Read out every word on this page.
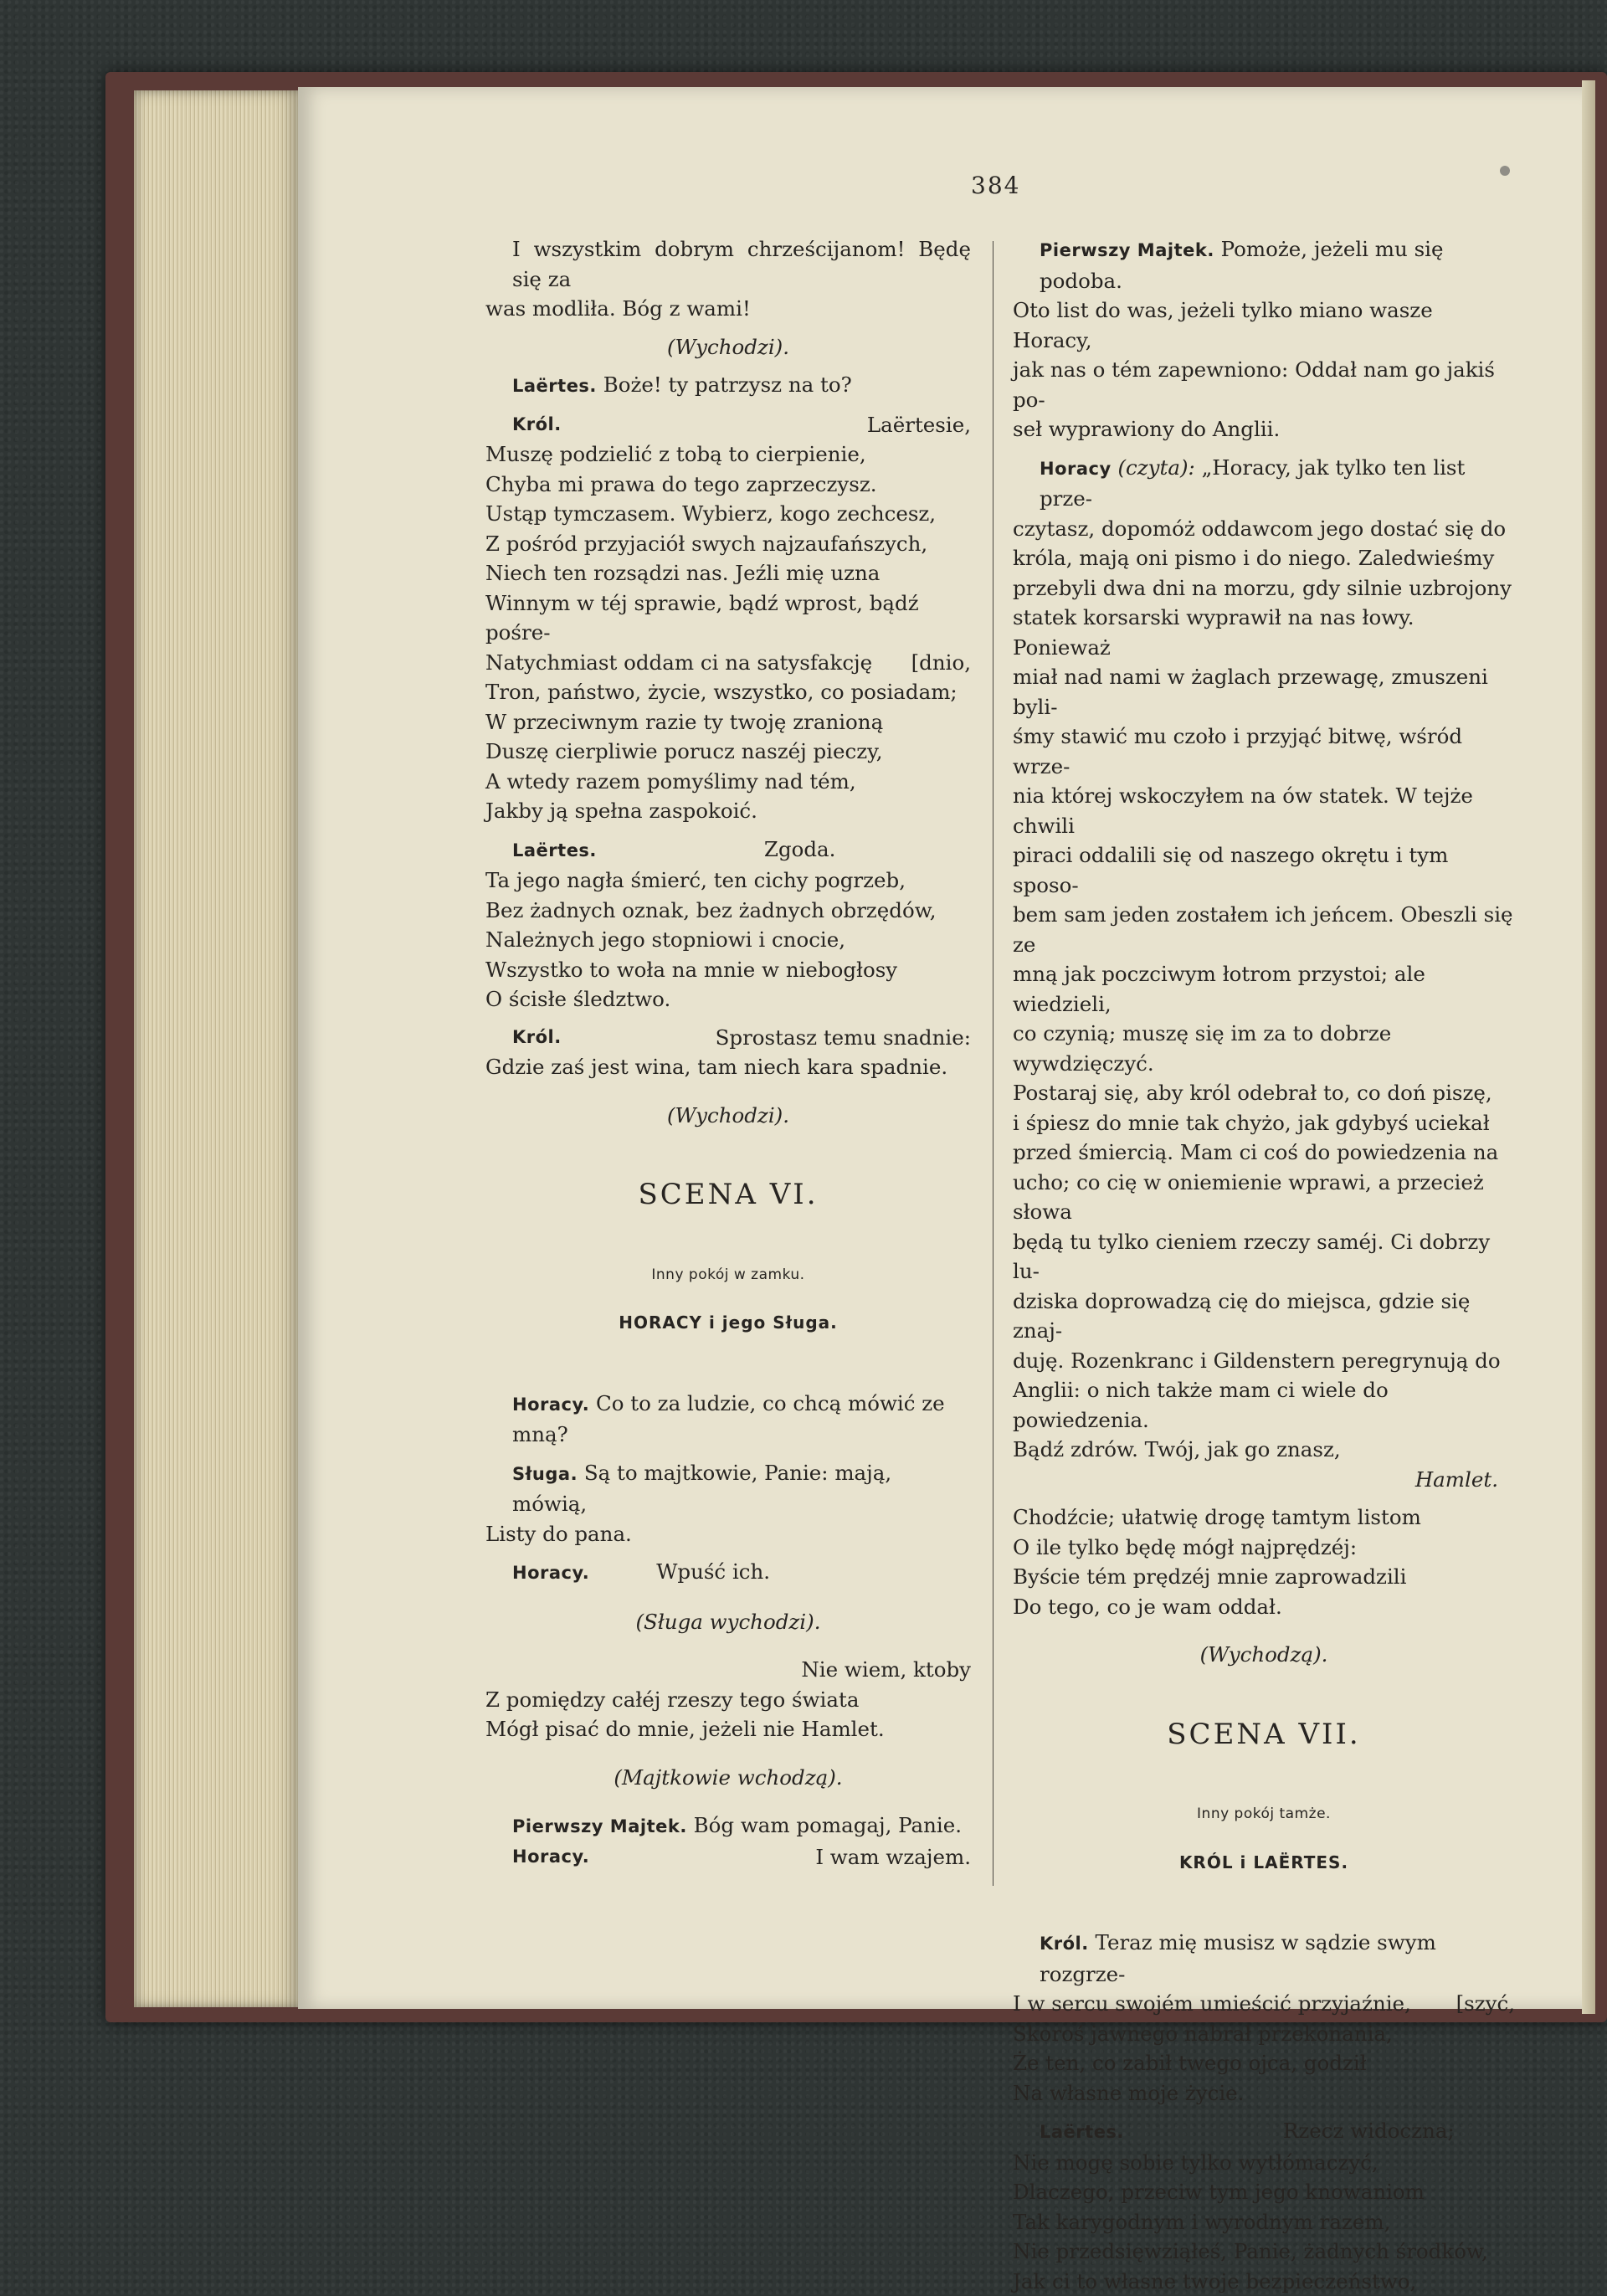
384
I wszystkim dobrym chrześcijanom! Będę się za
was modliła. Bóg z wami!
(Wychodzi).
Laërtes. Boże! ty patrzysz na to?
Król.	Laërtesie,
Muszę podzielić z tobą to cierpienie,
Chyba mi prawa do tego zaprzeczysz.
Ustąp tymczasem. Wybierz, kogo zechcesz,
Z pośród przyjaciół swych najzaufańszych,
Niech ten rozsądzi nas. Jeźli mię uzna
Winnym w téj sprawie, bądź wprost, bądź pośre-
Natychmiast oddam ci na satysfakcję [dnio,
Tron, państwo, życie, wszystko, co posiadam;
W przeciwnym razie ty twoję zranioną
Duszę cierpliwie porucz naszéj pieczy,
A wtedy razem pomyślimy nad tém,
Jakby ją spełna zaspokoić.
Laërtes.	Zgoda.
Ta jego nagła śmierć, ten cichy pogrzeb,
Bez żadnych oznak, bez żadnych obrzędów,
Należnych jego stopniowi i cnocie,
Wszystko to woła na mnie w niebogłosy
O ścisłe śledztwo.
Król.	Sprostasz temu snadnie:
Gdzie zaś jest wina, tam niech kara spadnie.
(Wychodzi).
SCENA VI.
Inny pokój w zamku.
HORACY i jego Sługa.
Horacy. Co to za ludzie, co chcą mówić ze mną?
Sługa. Są to majtkowie, Panie: mają, mówią,
Listy do pana.
Horacy.	Wpuść ich.
(Sługa wychodzi).
Nie wiem, ktoby
Z pomiędzy całéj rzeszy tego świata
Mógł pisać do mnie, jeżeli nie Hamlet.
(Majtkowie wchodzą).
Pierwszy Majtek. Bóg wam pomagaj, Panie.
Horacy.	I wam wzajem.
Pierwszy Majtek. Pomoże, jeżeli mu się podoba.
Oto list do was, jeżeli tylko miano wasze Horacy,
jak nas o tém zapewniono: Oddał nam go jakiś po-
seł wyprawiony do Anglii.
Horacy (czyta): „Horacy, jak tylko ten list prze-
czytasz, dopomóż oddawcom jego dostać się do
króla, mają oni pismo i do niego. Zaledwieśmy
przebyli dwa dni na morzu, gdy silnie uzbrojony
statek korsarski wyprawił na nas łowy. Ponieważ
miał nad nami w żaglach przewagę, zmuszeni byli-
śmy stawić mu czoło i przyjąć bitwę, wśród wrze-
nia której wskoczyłem na ów statek. W tejże chwili
piraci oddalili się od naszego okrętu i tym sposo-
bem sam jeden zostałem ich jeńcem. Obeszli się ze
mną jak poczciwym łotrom przystoi; ale wiedzieli,
co czynią; muszę się im za to dobrze wywdzięczyć.
Postaraj się, aby król odebrał to, co doń piszę,
i śpiesz do mnie tak chyżo, jak gdybyś uciekał
przed śmiercią. Mam ci coś do powiedzenia na
ucho; co cię w oniemienie wprawi, a przecież słowa
będą tu tylko cieniem rzeczy saméj. Ci dobrzy lu-
dziska doprowadzą cię do miejsca, gdzie się znaj-
duję. Rozenkranc i Gildenstern peregrynują do
Anglii: o nich także mam ci wiele do powiedzenia.
Bądź zdrów. Twój, jak go znasz,
Hamlet.
Chodźcie; ułatwię drogę tamtym listom
O ile tylko będę mógł najprędzéj:
Byście tém prędzéj mnie zaprowadzili
Do tego, co je wam oddał.
(Wychodzą).
SCENA VII.
Inny pokój tamże.
KRÓL i LAËRTES.
Król. Teraz mię musisz w sądzie swym rozgrze-
I w sercu swojém umieścić przyjaźnie, [szyć,
Skoroś jawnego nabrał przekonania,
Że ten, co zabił twego ojca, godził
Na własne moje życie.
Laërtes.	Rzecz widoczna;
Nie mogę sobie tylko wytłómaczyć,
Dlaczego, przeciw tym jego knowaniom
Tak karygodnym i wyrodnym razem,
Nie przedsięwziąłeś, Panie, żadnych środków,
Jak ci to własne twoje bezpieczeństwo,
